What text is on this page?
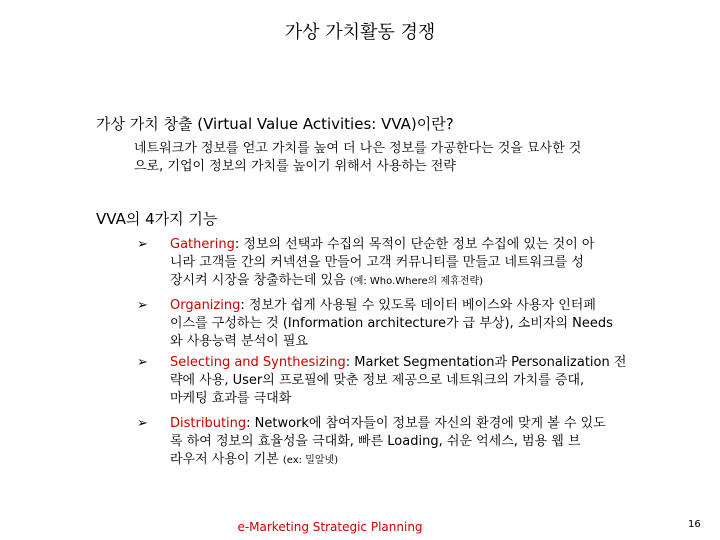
가상 가치활동 경쟁
가상 가치 창출 (Virtual Value Activities: VVA)이란?
네트워크가 정보를 얻고 가치를 높여 더 나은 정보를 가공한다는 것을 묘사한 것
으로, 기업이 정보의 가치를 높이기 위해서 사용하는 전략
VVA의 4가지 기능
➢ Gathering: 정보의 선택과 수집의 목적이 단순한 정보 수집에 있는 것이 아
니라 고객들 간의 커넥션을 만들어 고객 커뮤니티를 만들고 네트워크를 성
장시켜 시장을 창출하는데 있음 (예: Who.Where의 제휴전략)
➢ Organizing: 정보가 쉽게 사용될 수 있도록 데이터 베이스와 사용자 인터페
이스를 구성하는 것 (Information architecture가 급 부상), 소비자의 Needs
와 사용능력 분석이 필요
➢ Selecting and Synthesizing: Market Segmentation과 Personalization 전
략에 사용, User의 프로필에 맞춘 정보 제공으로 네트워크의 가치를 증대,
마케팅 효과를 극대화
➢ Distributing: Network에 참여자들이 정보를 자신의 환경에 맞게 볼 수 있도
록 하여 정보의 효율성을 극대화, 빠른 Loading, 쉬운 억세스, 범용 웹 브
라우저 사용이 기본 (ex: 밀알넷)
e-Marketing Strategic Planning	16
